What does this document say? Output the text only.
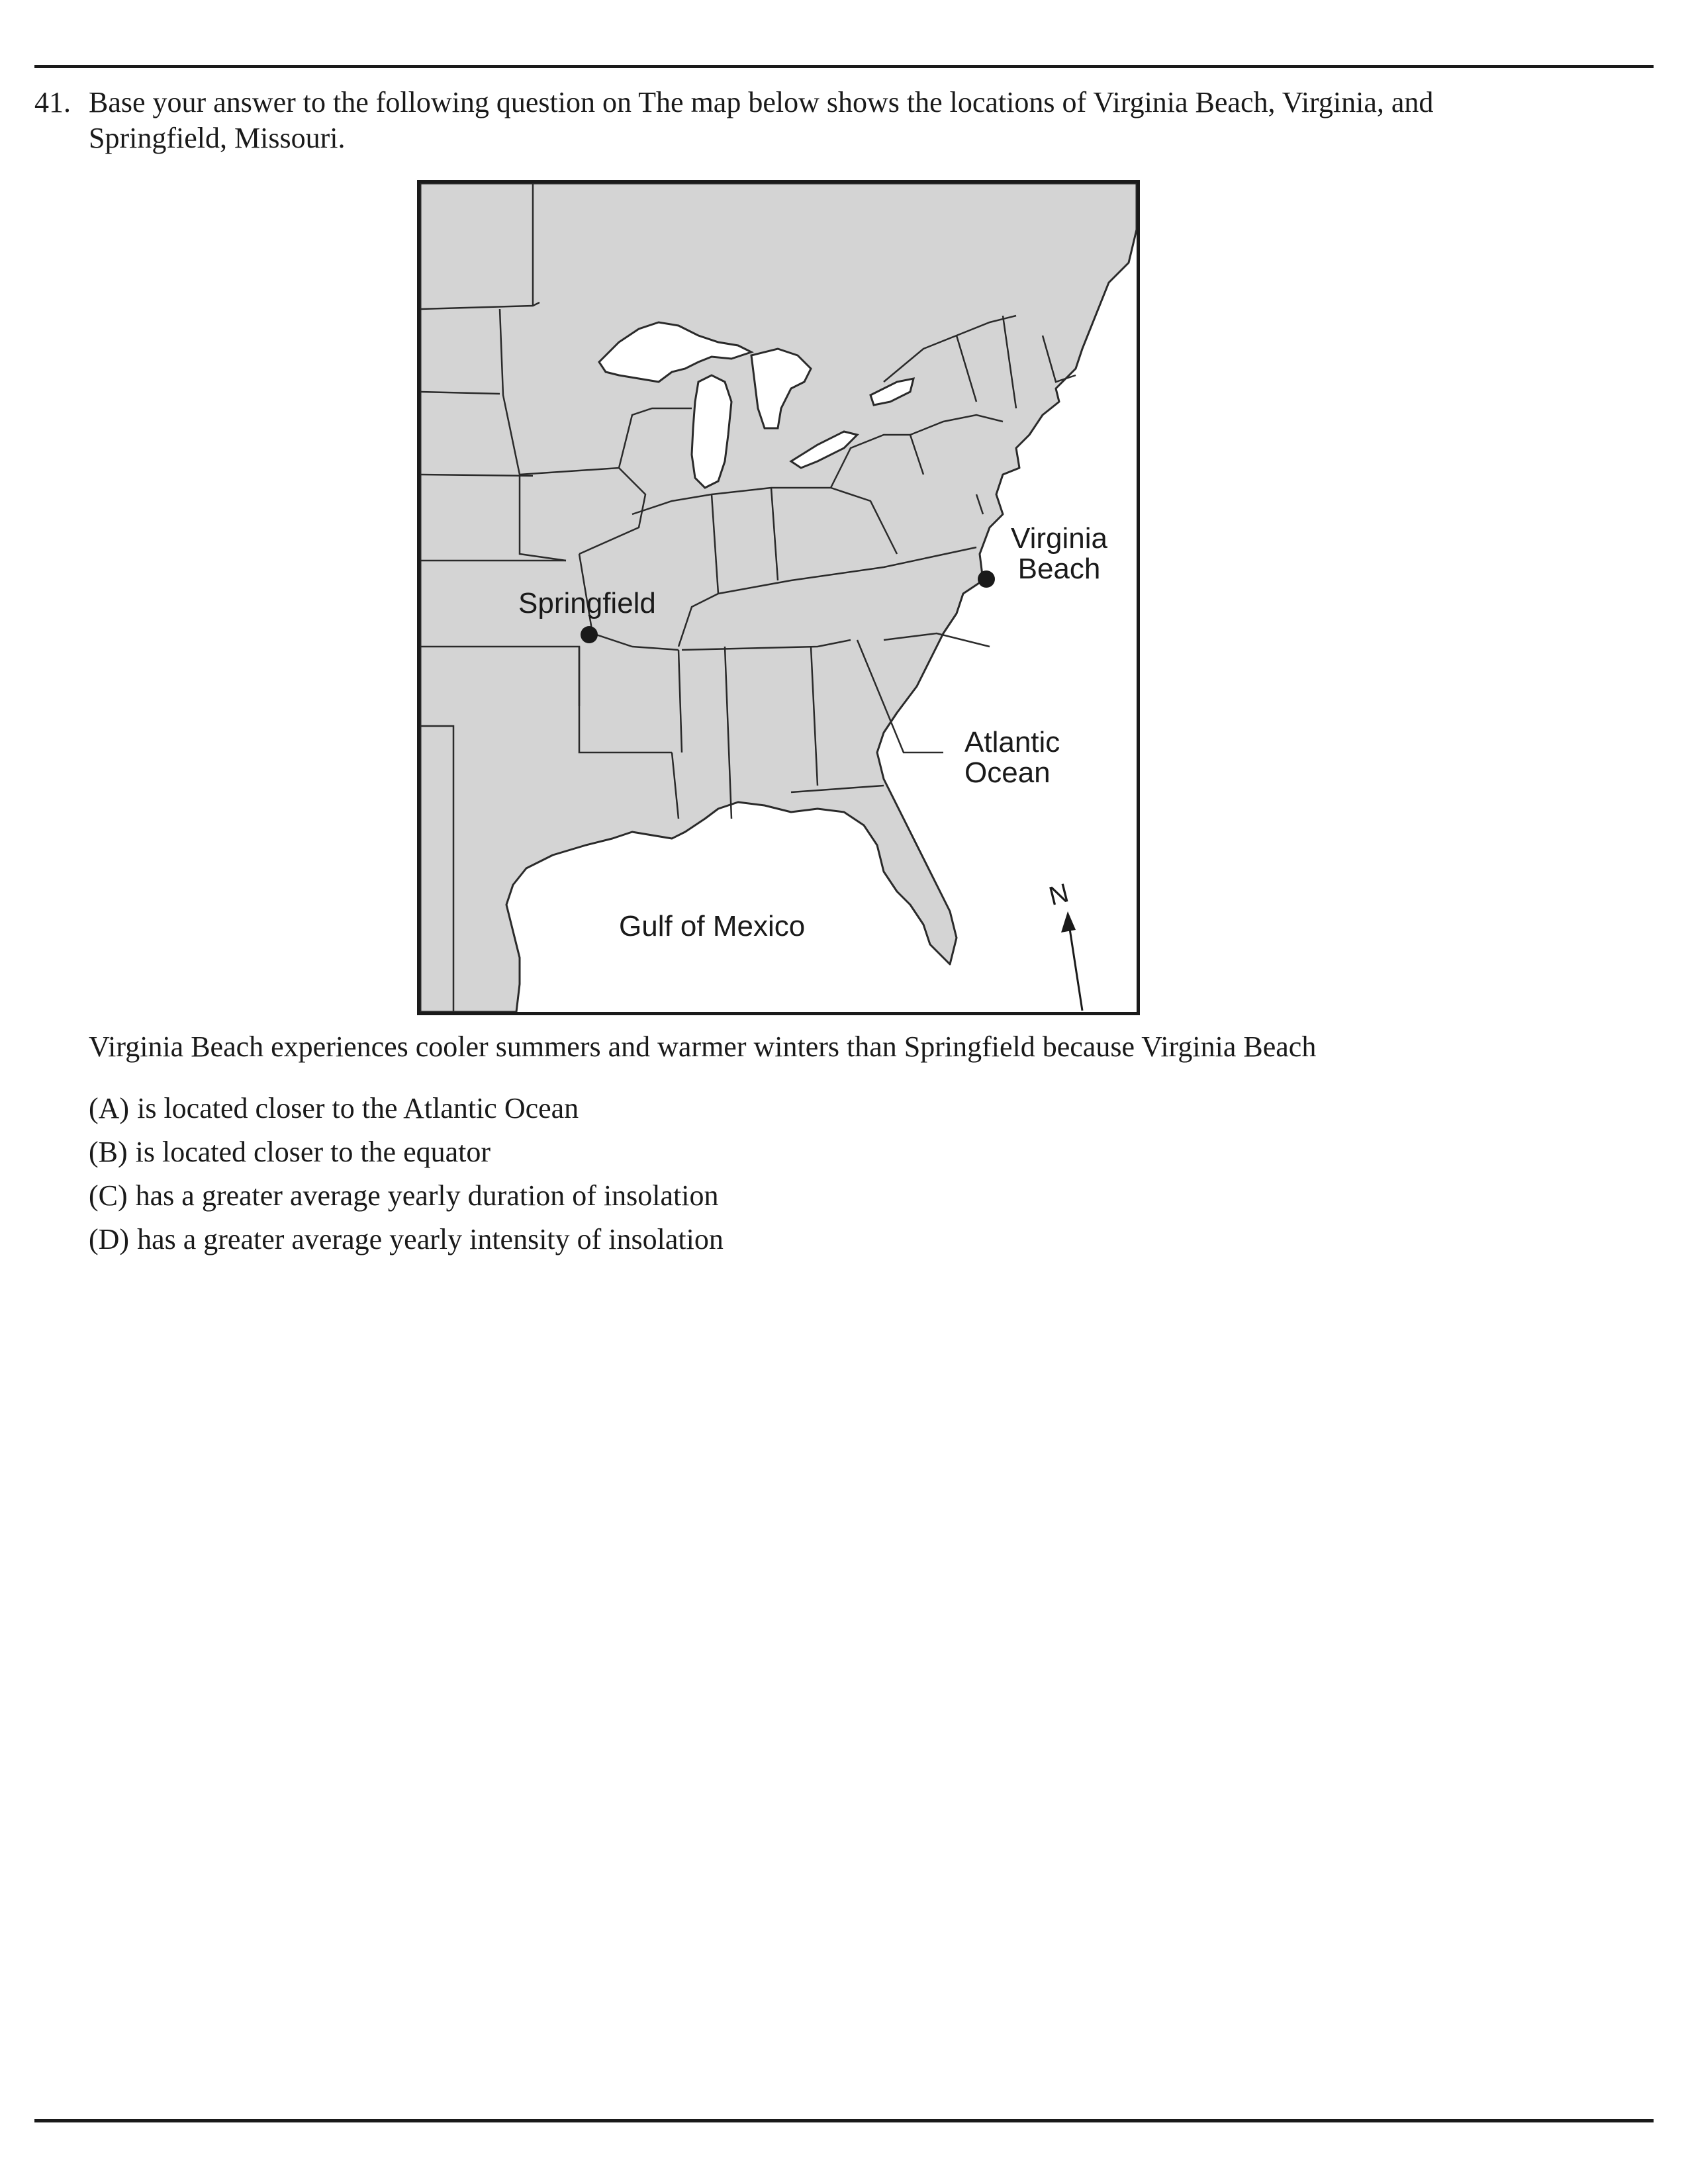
41. Base your answer to the following question on The map below shows the locations of Virginia Beach, Virginia, and Springfield, Missouri.
Springfield
Virginia
Beach
Atlantic
Ocean
Gulf of Mexico
N
Virginia Beach experiences cooler summers and warmer winters than Springfield because Virginia Beach
(A) is located closer to the Atlantic Ocean
(B) is located closer to the equator
(C) has a greater average yearly duration of insolation
(D) has a greater average yearly intensity of insolation
